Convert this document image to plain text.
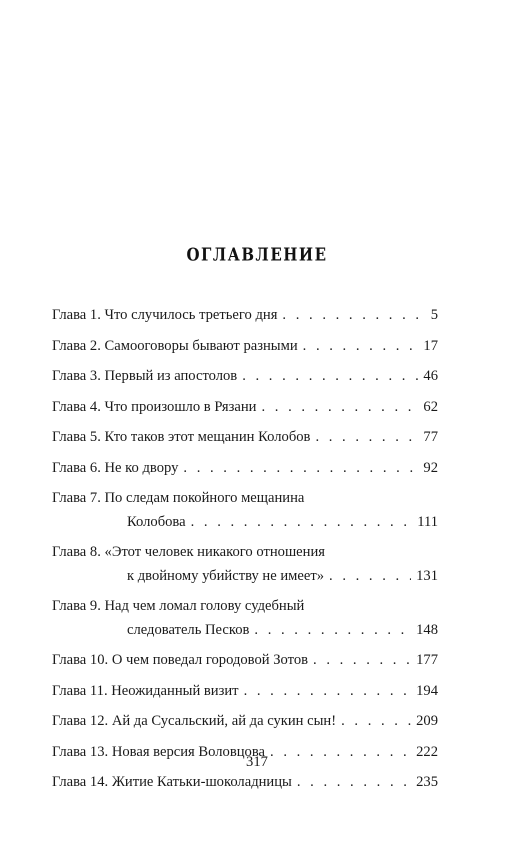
ОГЛАВЛЕНИЕ
Глава 1. Что случилось третьего дня . . .	5
Глава 2. Самооговоры бывают разными . . .	17
Глава 3. Первый из апостолов . . .	46
Глава 4. Что произошло в Рязани . . .	62
Глава 5. Кто таков этот мещанин Колобов . . .	77
Глава 6. Не ко двору . . .	92
Глава 7. По следам покойного мещанина
Колобова . . .	111
Глава 8. «Этот человек никакого отношения
к двойному убийству не имеет» . . .	131
Глава 9. Над чем ломал голову судебный
следователь Песков . . .	148
Глава 10. О чем поведал городовой Зотов . . .	177
Глава 11. Неожиданный визит . . .	194
Глава 12. Ай да Сусальский, ай да сукин сын! . . .	209
Глава 13. Новая версия Воловцова . . .	222
Глава 14. Житие Катьки-шоколадницы . . .	235
317
